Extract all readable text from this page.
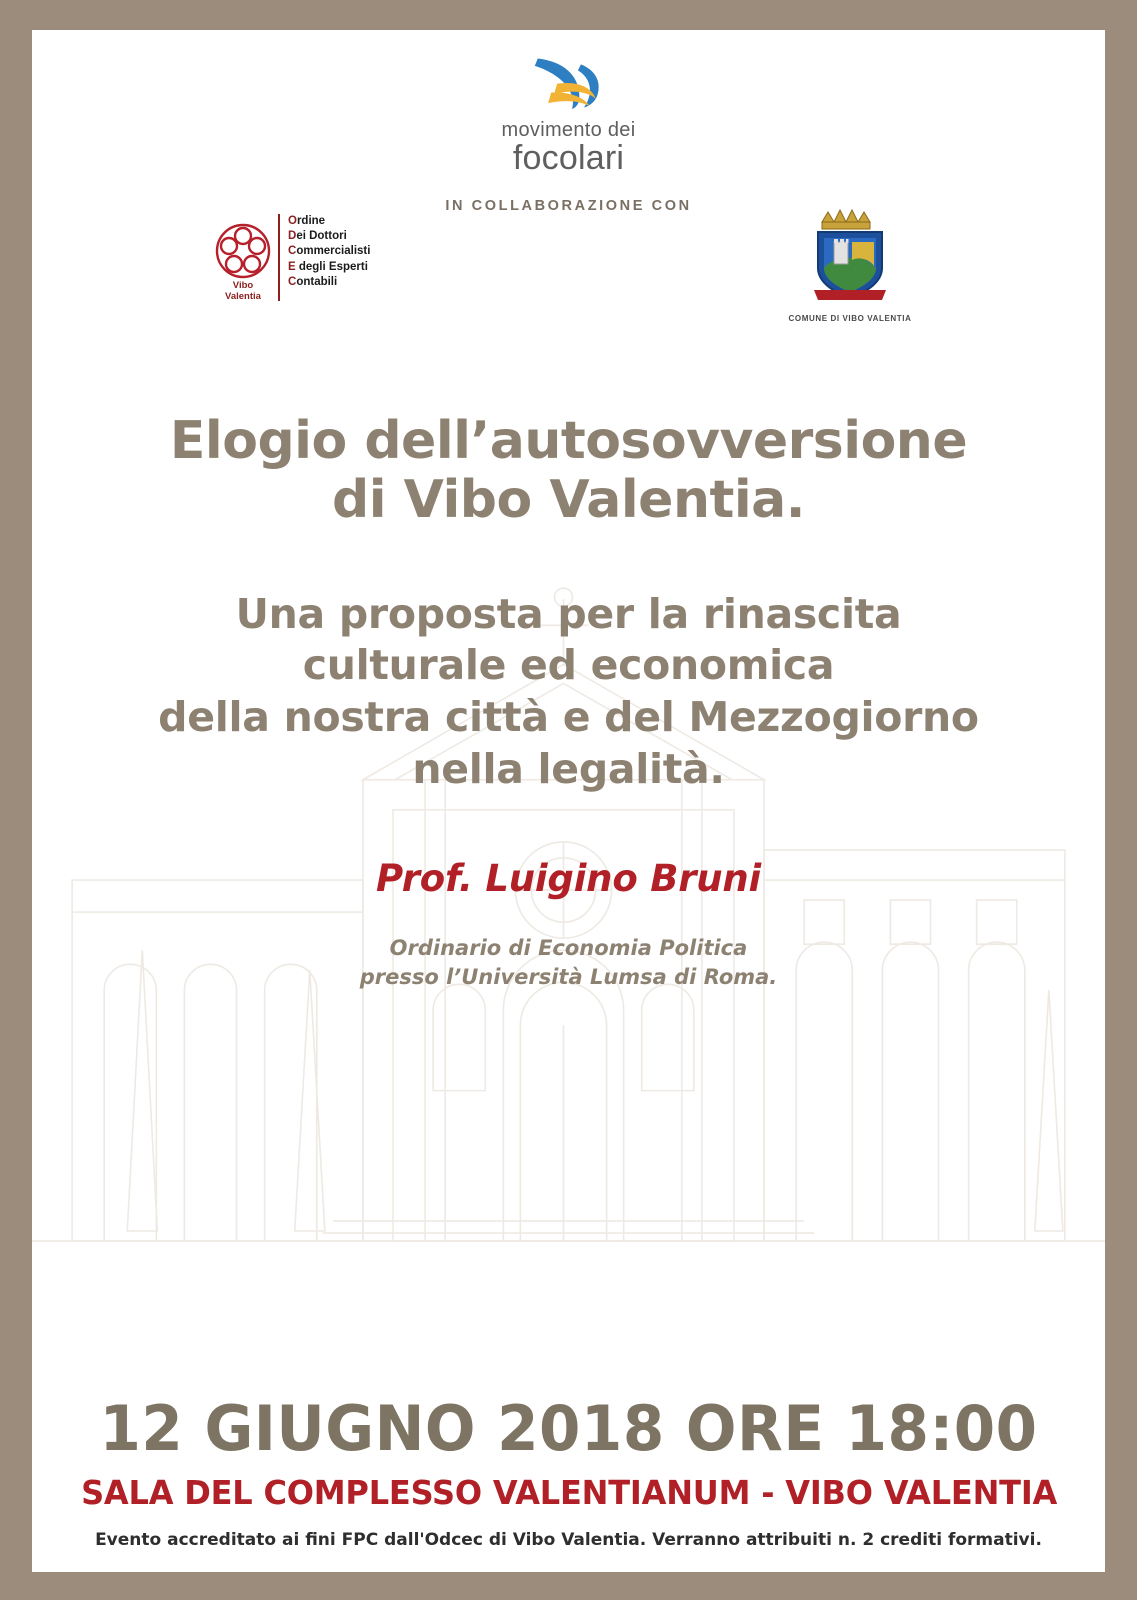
movimento dei
focolari
IN COLLABORAZIONE CON
Vibo
Valentia
Ordine
Dei Dottori
Commercialisti
E degli Esperti
Contabili
COMUNE DI VIBO VALENTIA
Elogio dell’autosovversione
di Vibo Valentia.
Una proposta per la rinascita
culturale ed economica
della nostra città e del Mezzogiorno
nella legalità.
Prof. Luigino Bruni
Ordinario di Economia Politica
presso l’Università Lumsa di Roma.
12 GIUGNO 2018 ORE 18:00
SALA DEL COMPLESSO VALENTIANUM - VIBO VALENTIA
Evento accreditato ai fini FPC dall'Odcec di Vibo Valentia. Verranno attribuiti n. 2 crediti formativi.
